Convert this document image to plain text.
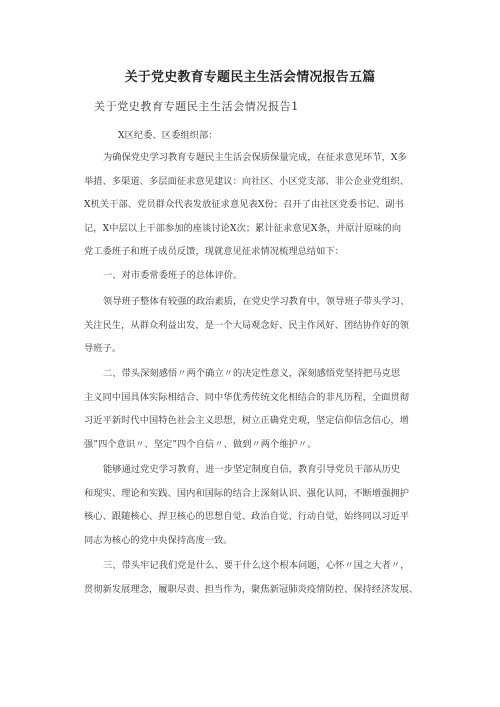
关于党史教育专题民主生活会情况报告五篇
关于党史教育专题民主生活会情况报告1

X区纪委、区委组织部：

为确保党史学习教育专题民主生活会保质保量完成，在征求意见环节，X多
举措、多渠道、多层面征求意见建议：向社区、小区党支部、非公企业党组织、
X机关干部、党员群众代表发放征求意见表X份；召开了由社区党委书记、副书
记，X中层以上干部参加的座谈讨论X次；累计征求意见X条，并原汁原味的向
党工委班子和班子成员反馈，现就意见征求情况梳理总结如下：

一、对市委常委班子的总体评价。

领导班子整体有较强的政治素质，在党史学习教育中，领导班子带头学习、
关注民生，从群众利益出发，是一个大局观念好、民主作风好、团结协作好的领
导班子。

二、带头深刻感悟〃两个确立〃的决定性意义，深刻感悟党坚持把马克思
主义同中国具体实际相结合、同中华优秀传统文化相结合的非凡历程，全面贯彻
习近平新时代中国特色社会主义思想，树立正确党史观，坚定信仰信念信心，增
强”四个意识〃、坚定”四个自信〃、做到〃两个维护〃。

能够通过党史学习教育，进一步坚定制度自信，教育引导党员干部从历史
和现实、理论和实践、国内和国际的结合上深刻认识、强化认同，不断增强拥护
核心、跟随核心、捍卫核心的思想自觉、政治自觉、行动自觉，始终同以习近平
同志为核心的党中央保持高度一致。

三、带头牢记我们党是什么、要干什么这个根本问题，心怀〃国之大者〃，
贯彻新发展理念，履职尽责、担当作为，聚焦新冠肺炎疫情防控、保持经济发展、
